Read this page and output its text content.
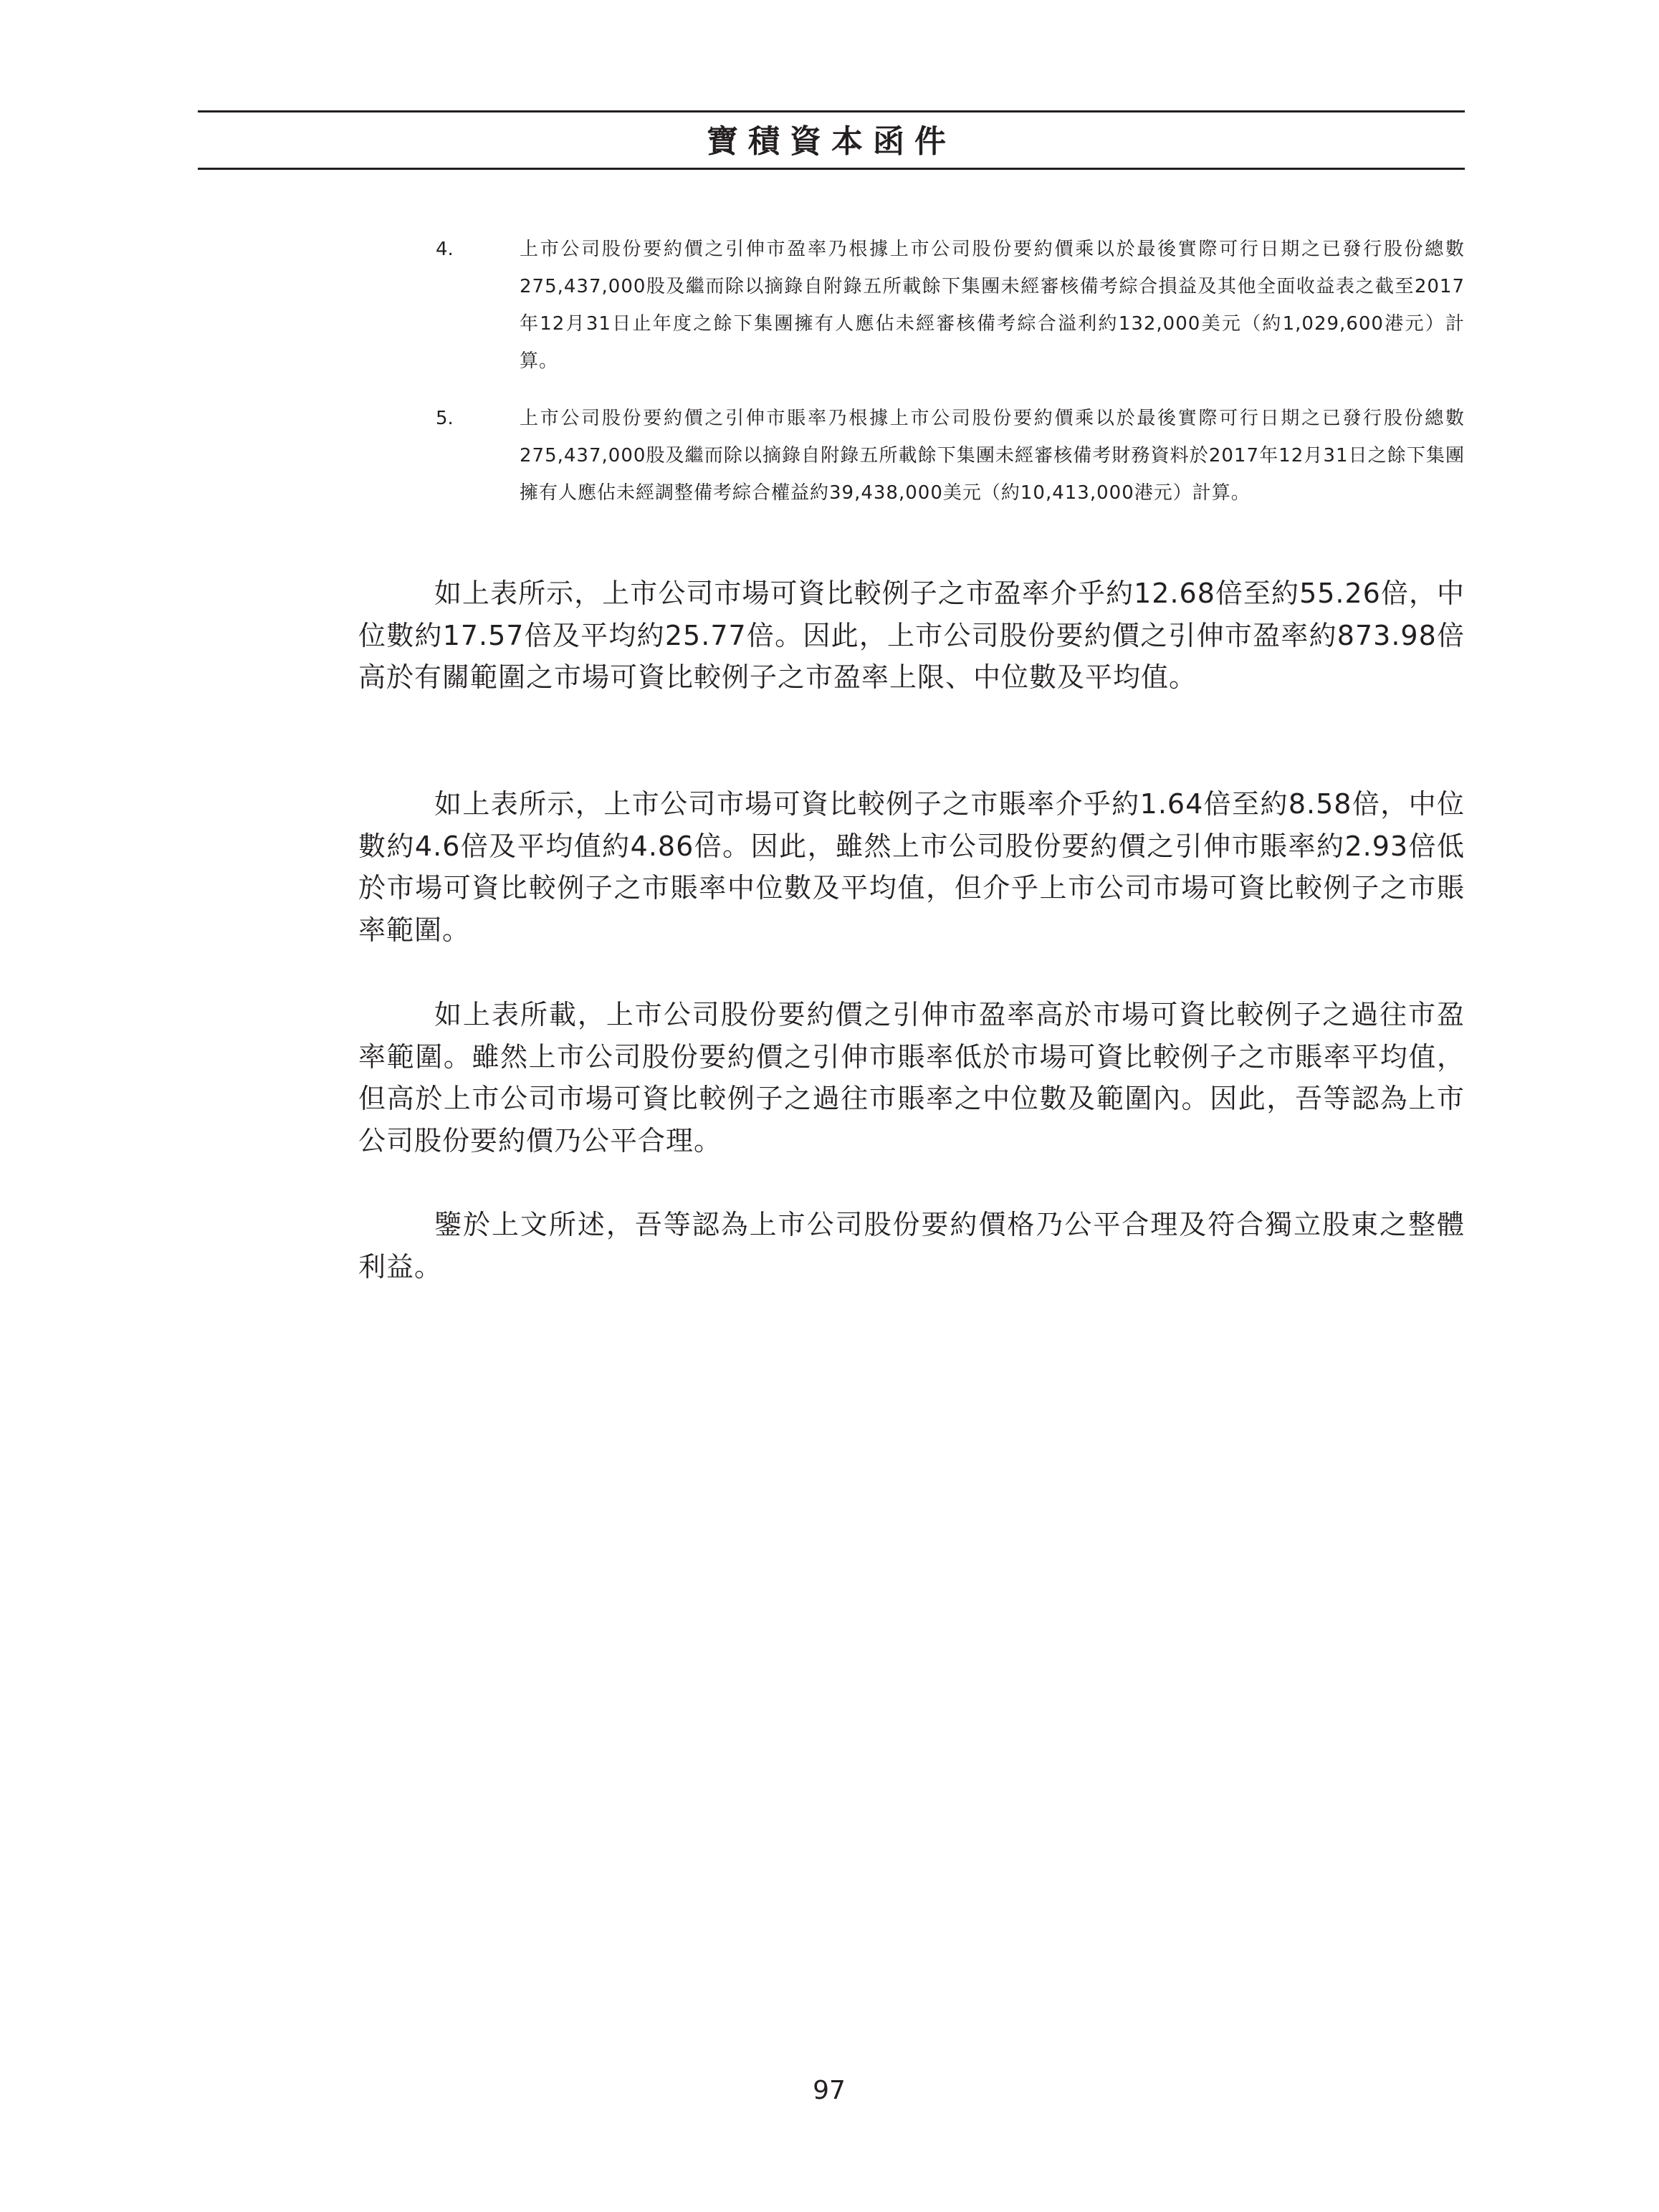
寶積資本函件
4.	上市公司股份要約價之引伸市盈率乃根據上市公司股份要約價乘以於最後實際可行日期之已發行股份總數275,437,000股及繼而除以摘錄自附錄五所載餘下集團未經審核備考綜合損益及其他全面收益表之截至2017年12月31日止年度之餘下集團擁有人應佔未經審核備考綜合溢利約132,000美元（約1,029,600港元）計算。
5.	上市公司股份要約價之引伸市賬率乃根據上市公司股份要約價乘以於最後實際可行日期之已發行股份總數275,437,000股及繼而除以摘錄自附錄五所載餘下集團未經審核備考財務資料於2017年12月31日之餘下集團擁有人應佔未經調整備考綜合權益約39,438,000美元（約10,413,000港元）計算。

如上表所示，上市公司市場可資比較例子之市盈率介乎約12.68倍至約55.26倍，中位數約17.57倍及平均約25.77倍。因此，上市公司股份要約價之引伸市盈率約873.98倍高於有關範圍之市場可資比較例子之市盈率上限、中位數及平均值。

如上表所示，上市公司市場可資比較例子之市賬率介乎約1.64倍至約8.58倍，中位數約4.6倍及平均值約4.86倍。因此，雖然上市公司股份要約價之引伸市賬率約2.93倍低於市場可資比較例子之市賬率中位數及平均值，但介乎上市公司市場可資比較例子之市賬率範圍。

如上表所載，上市公司股份要約價之引伸市盈率高於市場可資比較例子之過往市盈率範圍。雖然上市公司股份要約價之引伸市賬率低於市場可資比較例子之市賬率平均值，但高於上市公司市場可資比較例子之過往市賬率之中位數及範圍內。因此，吾等認為上市公司股份要約價乃公平合理。

鑒於上文所述，吾等認為上市公司股份要約價格乃公平合理及符合獨立股東之整體利益。

97
